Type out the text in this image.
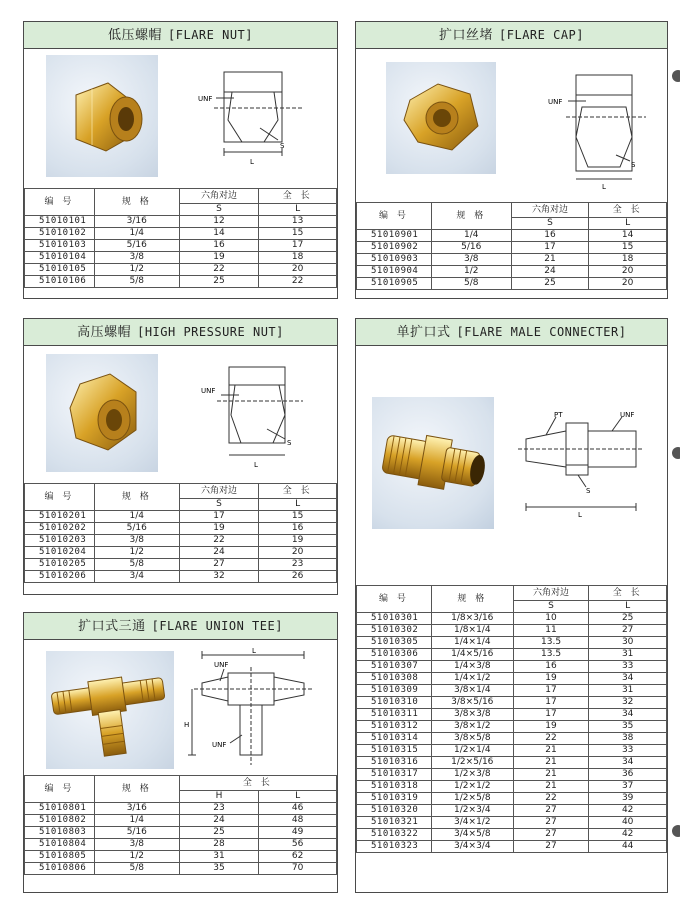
低压螺帽 [FLARE NUT]
UNF
S
L
编 号	规 格	六角对边	全 长
		S	L
51010101	3/16	12	13
51010102	1/4	14	15
51010103	5/16	16	17
51010104	3/8	19	18
51010105	1/2	22	20
51010106	5/8	25	22
扩口丝堵 [FLARE CAP]
UNF
S
L
编 号	规 格	六角对边	全 长
		S	L
51010901	1/4	16	14
51010902	5/16	17	15
51010903	3/8	21	18
51010904	1/2	24	20
51010905	5/8	25	20
高压螺帽 [HIGH PRESSURE NUT]
UNF
S
L
编 号	规 格	六角对边	全 长
		S	L
51010201	1/4	17	15
51010202	5/16	19	16
51010203	3/8	22	19
51010204	1/2	24	20
51010205	5/8	27	23
51010206	3/4	32	26
单扩口式 [FLARE MALE CONNECTER]
PT	UNF
S
L
编 号	规 格	六角对边	全 长
		S	L
51010301	1/8×3/16	10	25
51010302	1/8×1/4	11	27
51010305	1/4×1/4	13.5	30
51010306	1/4×5/16	13.5	31
51010307	1/4×3/8	16	33
51010308	1/4×1/2	19	34
51010309	3/8×1/4	17	31
51010310	3/8×5/16	17	32
51010311	3/8×3/8	17	34
51010312	3/8×1/2	19	35
51010314	3/8×5/8	22	38
51010315	1/2×1/4	21	33
51010316	1/2×5/16	21	34
51010317	1/2×3/8	21	36
51010318	1/2×1/2	21	37
51010319	1/2×5/8	22	39
51010320	1/2×3/4	27	42
51010321	3/4×1/2	27	40
51010322	3/4×5/8	27	42
51010323	3/4×3/4	27	44
扩口式三通 [FLARE UNION TEE]
UNF
UNF
H
L
编 号	规 格	全 长	
		H	L
51010801	3/16	23	46
51010802	1/4	24	48
51010803	5/16	25	49
51010804	3/8	28	56
51010805	1/2	31	62
51010806	5/8	35	70
